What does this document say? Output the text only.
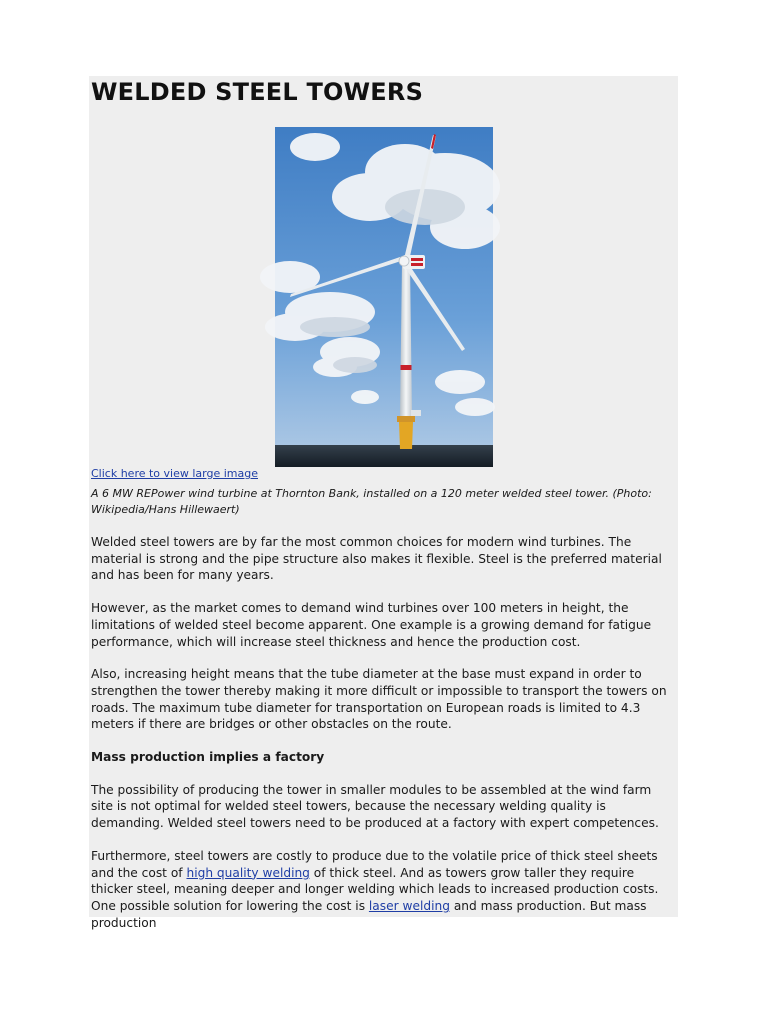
WELDED STEEL TOWERS
Click here to view large image

A 6 MW REPower wind turbine at Thornton Bank, installed on a 120 meter welded steel tower. (Photo: Wikipedia/Hans Hillewaert)

Welded steel towers are by far the most common choices for modern wind turbines. The material is strong and the pipe structure also makes it flexible. Steel is the preferred material and has been for many years.

However, as the market comes to demand wind turbines over 100 meters in height, the limitations of welded steel become apparent. One example is a growing demand for fatigue performance, which will increase steel thickness and hence the production cost.

Also, increasing height means that the tube diameter at the base must expand in order to strengthen the tower thereby making it more difficult or impossible to transport the towers on roads. The maximum tube diameter for transportation on European roads is limited to 4.3 meters if there are bridges or other obstacles on the route.

Mass production implies a factory

The possibility of producing the tower in smaller modules to be assembled at the wind farm site is not optimal for welded steel towers, because the necessary welding quality is demanding. Welded steel towers need to be produced at a factory with expert competences.

Furthermore, steel towers are costly to produce due to the volatile price of thick steel sheets and the cost of high quality welding of thick steel. And as towers grow taller they require thicker steel, meaning deeper and longer welding which leads to increased production costs. One possible solution for lowering the cost is laser welding and mass production. But mass production
